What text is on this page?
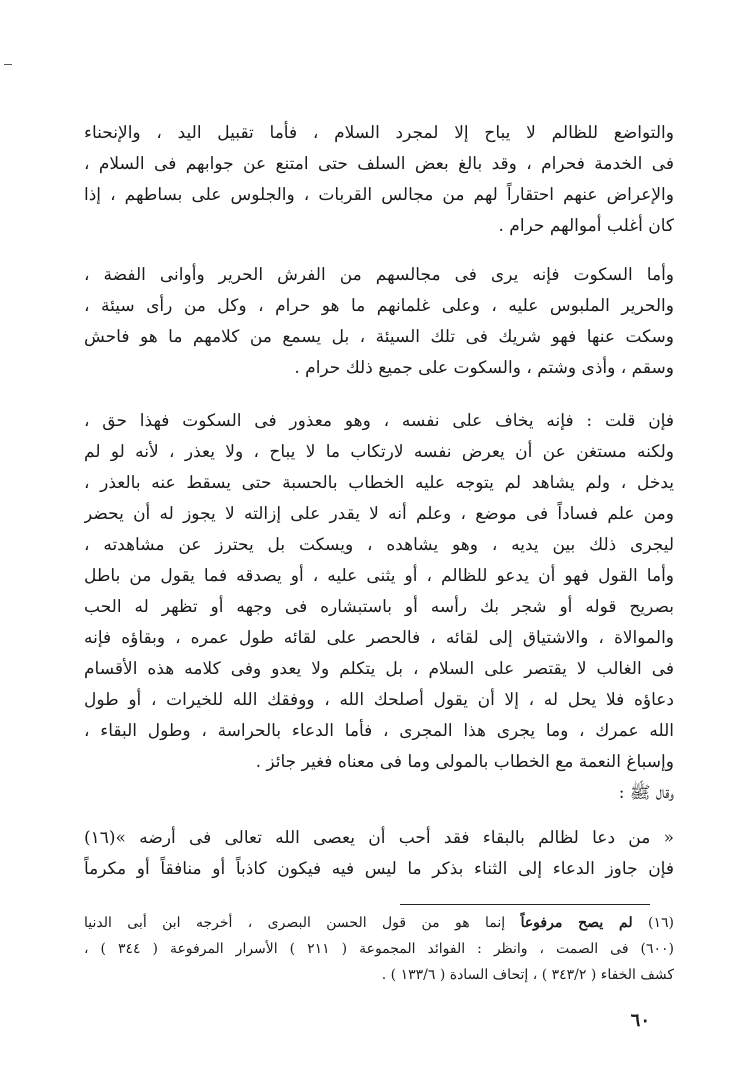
والتواضع للظالم لا يباح إلا لمجرد السلام ، فأما تقبيل اليد ، والإنحناء
فى الخدمة فحرام ، وقد بالغ بعض السلف حتى امتنع عن جوابهم فى السلام ،
والإعراض عنهم احتقاراً لهم من مجالس القربات ، والجلوس على بساطهم ، إذا
كان أغلب أموالهم حرام .
وأما السكوت فإنه يرى فى مجالسهم من الفرش الحرير وأوانى الفضة ،
والحرير الملبوس عليه ، وعلى غلمانهم ما هو حرام ، وكل من رأى سيئة ،
وسكت عنها فهو شريك فى تلك السيئة ، بل يسمع من كلامهم ما هو فاحش
وسقم ، وأذى وشتم ، والسكوت على جميع ذلك حرام .
فإن قلت : فإنه يخاف على نفسه ، وهو معذور فى السكوت فهذا حق ،
ولكنه مستغن عن أن يعرض نفسه لارتكاب ما لا يباح ، ولا يعذر ، لأنه لو لم
يدخل ، ولم يشاهد لم يتوجه عليه الخطاب بالحسبة حتى يسقط عنه بالعذر ،
ومن علم فساداً فى موضع ، وعلم أنه لا يقدر على إزالته لا يجوز له أن يحضر
ليجرى ذلك بين يديه ، وهو يشاهده ، ويسكت بل يحترز عن مشاهدته ،
وأما القول فهو أن يدعو للظالم ، أو يثنى عليه ، أو يصدقه فما يقول من باطل
بصريح قوله أو شجر بك رأسه أو باستبشاره فى وجهه أو تظهر له الحب
والموالاة ، والاشتياق إلى لقائه ، فالحصر على لقائه طول عمره ، وبقاؤه فإنه
فى الغالب لا يقتصر على السلام ، بل يتكلم ولا يعدو وفى كلامه هذه الأقسام
دعاؤه فلا يحل له ، إلا أن يقول أصلحك الله ، ووفقك الله للخيرات ، أو طول
الله عمرك ، وما يجرى هذا المجرى ، فأما الدعاء بالحراسة ، وطول البقاء ،
وإسباغ النعمة مع الخطاب بالمولى وما فى معناه فغير جائز .
وقال ﷺ :
« من دعا لظالم بالبقاء فقد أحب أن يعصى الله تعالى فى أرضه »(١٦)
فإن جاوز الدعاء إلى الثناء بذكر ما ليس فيه فيكون كاذباً أو منافقاً أو مكرماً
(١٦) لم يصح مرفوعاً إنما هو من قول الحسن البصرى ، أخرجه ابن أبى الدنيا
(٦٠٠) فى الصمت ، وانظر : الفوائد المجموعة ( ٢١١ ) الأسرار المرفوعة ( ٣٤٤ ) ،
كشف الخفاء ( ٣٤٣/٢ ) ، إتحاف السادة ( ١٣٣/٦ ) .
٦٠
